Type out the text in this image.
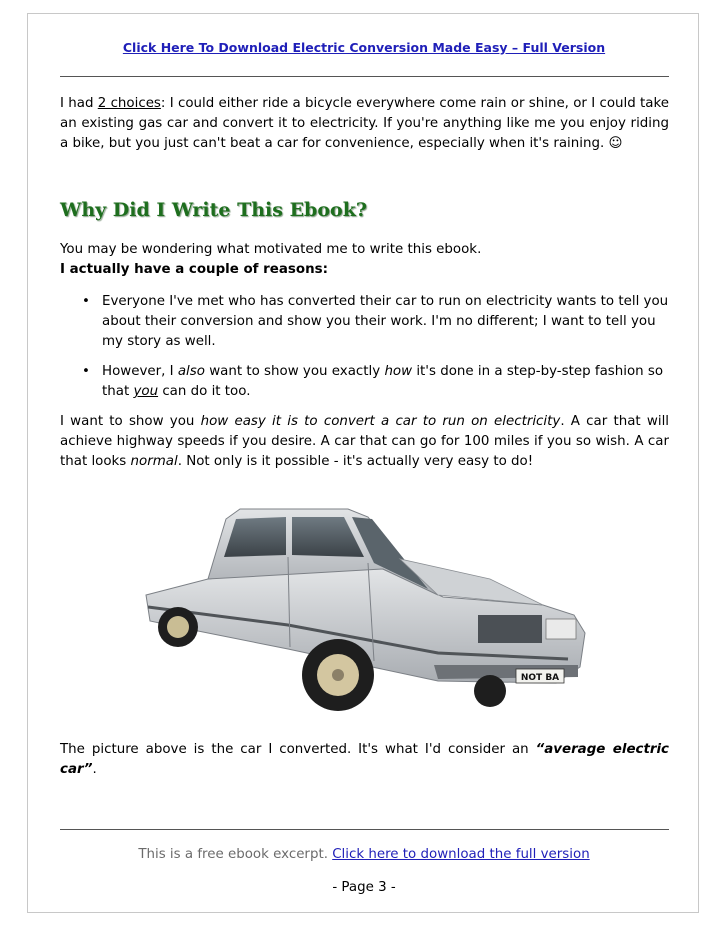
Click Here To Download Electric Conversion Made Easy – Full Version

I had 2 choices: I could either ride a bicycle everywhere come rain or shine, or I could take an existing gas car and convert it to electricity. If you're anything like me you enjoy riding a bike, but you just can't beat a car for convenience, especially when it's raining. ☺

Why Did I Write This Ebook?

You may be wondering what motivated me to write this ebook.

I actually have a couple of reasons:

• Everyone I've met who has converted their car to run on electricity wants to tell you about their conversion and show you their work. I'm no different; I want to tell you my story as well.
• However, I also want to show you exactly how it's done in a step-by-step fashion so that you can do it too.

I want to show you how easy it is to convert a car to run on electricity. A car that will achieve highway speeds if you desire. A car that can go for 100 miles if you so wish. A car that looks normal. Not only is it possible - it's actually very easy to do!

NOT BA

The picture above is the car I converted. It's what I'd consider an “average electric car”.

This is a free ebook excerpt. Click here to download the full version
- Page 3 -
